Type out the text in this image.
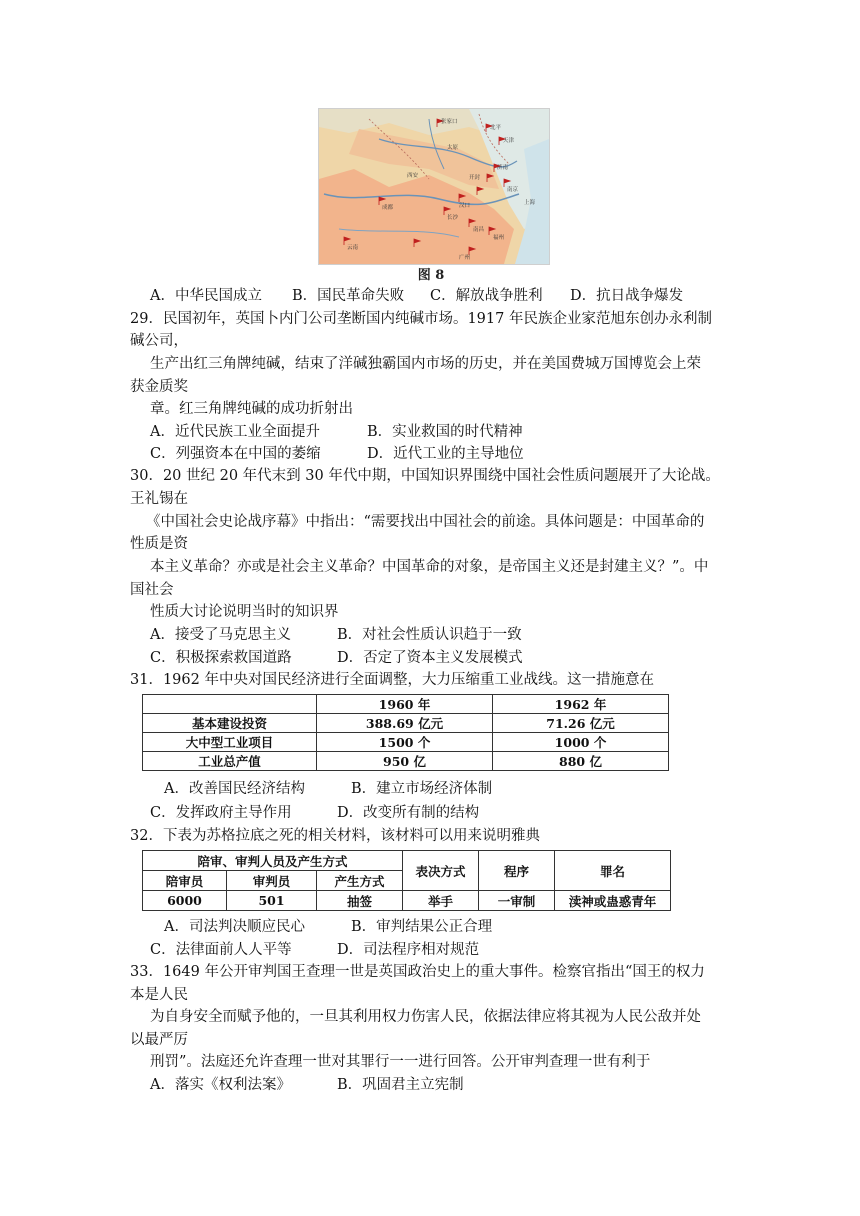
张家口
北平
天津
太原
济南
西安	开封
汉口
南京
上海
长沙
南昌
福州
云南
成都
广州
图 8
A．中华民国成立 B．国民革命失败 C．解放战争胜利 D．抗日战争爆发
29．民国初年，英国卜内门公司垄断国内纯碱市场。1917 年民族企业家范旭东创办永利制
碱公司，
生产出红三角牌纯碱，结束了洋碱独霸国内市场的历史，并在美国费城万国博览会上荣
获金质奖
章。红三角牌纯碱的成功折射出
A．近代民族工业全面提升	B．实业救国的时代精神
C．列强资本在中国的萎缩	D．近代工业的主导地位
30．20 世纪 20 年代末到 30 年代中期，中国知识界围绕中国社会性质问题展开了大论战。
王礼锡在
《中国社会史论战序幕》中指出：“需要找出中国社会的前途。具体问题是：中国革命的
性质是资
本主义革命？亦或是社会主义革命？中国革命的对象，是帝国主义还是封建主义？”。中
国社会
性质大讨论说明当时的知识界
A．接受了马克思主义	B．对社会性质认识趋于一致
C．积极探索救国道路	D．否定了资本主义发展模式
31．1962 年中央对国民经济进行全面调整，大力压缩重工业战线。这一措施意在
	1960 年	1962 年
基本建设投资	388.69 亿元	71.26 亿元
大中型工业项目	1500 个	1000 个
工业总产值	950 亿	880 亿
A．改善国民经济结构	B．建立市场经济体制
C．发挥政府主导作用	D．改变所有制的结构
32．下表为苏格拉底之死的相关材料，该材料可以用来说明雅典
陪审、审判人员及产生方式			表决方式	程序	罪名
陪审员	审判员	产生方式			
6000	501	抽签	举手	一审制	渎神或蛊惑青年
A．司法判决顺应民心	B．审判结果公正合理
C．法律面前人人平等	D．司法程序相对规范
33．1649 年公开审判国王查理一世是英国政治史上的重大事件。检察官指出“国王的权力
本是人民
为自身安全而赋予他的，一旦其利用权力伤害人民，依据法律应将其视为人民公敌并处
以最严厉
刑罚”。法庭还允许查理一世对其罪行一一进行回答。公开审判查理一世有利于
A．落实《权利法案》	B．巩固君主立宪制
